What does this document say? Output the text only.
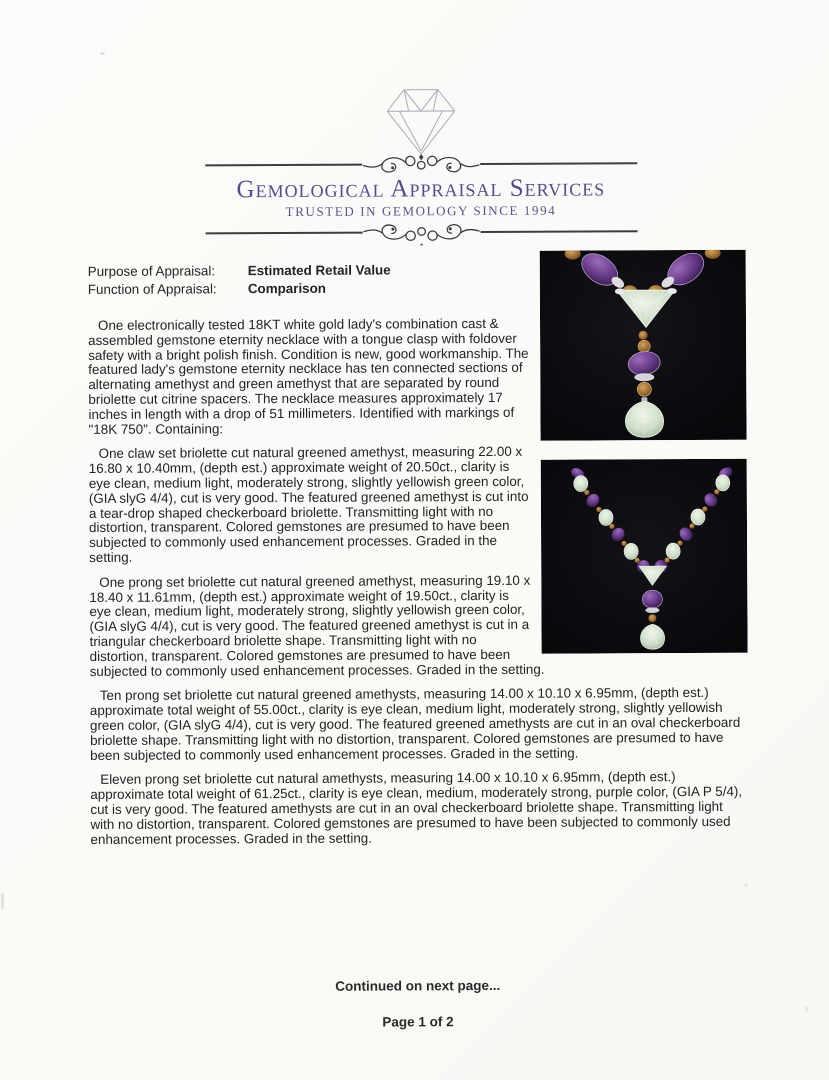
Gemological Appraisal Services
TRUSTED IN GEMOLOGY SINCE 1994
Purpose of Appraisal:	Estimated Retail Value
Function of Appraisal:	Comparison

One electronically tested 18KT white gold lady's combination cast & assembled gemstone eternity necklace with a tongue clasp with foldover safety with a bright polish finish. Condition is new, good workmanship. The featured lady's gemstone eternity necklace has ten connected sections of alternating amethyst and green amethyst that are separated by round briolette cut citrine spacers. The necklace measures approximately 17 inches in length with a drop of 51 millimeters. Identified with markings of "18K 750". Containing:

One claw set briolette cut natural greened amethyst, measuring 22.00 x 16.80 x 10.40mm, (depth est.) approximate weight of 20.50ct., clarity is eye clean, medium light, moderately strong, slightly yellowish green color, (GIA slyG 4/4), cut is very good. The featured greened amethyst is cut into a tear-drop shaped checkerboard briolette. Transmitting light with no distortion, transparent. Colored gemstones are presumed to have been subjected to commonly used enhancement processes. Graded in the setting.

One prong set briolette cut natural greened amethyst, measuring 19.10 x 18.40 x 11.61mm, (depth est.) approximate weight of 19.50ct., clarity is eye clean, medium light, moderately strong, slightly yellowish green color, (GIA slyG 4/4), cut is very good. The featured greened amethyst is cut in a triangular checkerboard briolette shape. Transmitting light with no distortion, transparent. Colored gemstones are presumed to have been subjected to commonly used enhancement processes. Graded in the setting.

Ten prong set briolette cut natural greened amethysts, measuring 14.00 x 10.10 x 6.95mm, (depth est.) approximate total weight of 55.00ct., clarity is eye clean, medium light, moderately strong, slightly yellowish green color, (GIA slyG 4/4), cut is very good. The featured greened amethysts are cut in an oval checkerboard briolette shape. Transmitting light with no distortion, transparent. Colored gemstones are presumed to have been subjected to commonly used enhancement processes. Graded in the setting.

Eleven prong set briolette cut natural amethysts, measuring 14.00 x 10.10 x 6.95mm, (depth est.) approximate total weight of 61.25ct., clarity is eye clean, medium, moderately strong, purple color, (GIA P 5/4), cut is very good. The featured amethysts are cut in an oval checkerboard briolette shape. Transmitting light with no distortion, transparent. Colored gemstones are presumed to have been subjected to commonly used enhancement processes. Graded in the setting.

Continued on next page...
Page 1 of 2
